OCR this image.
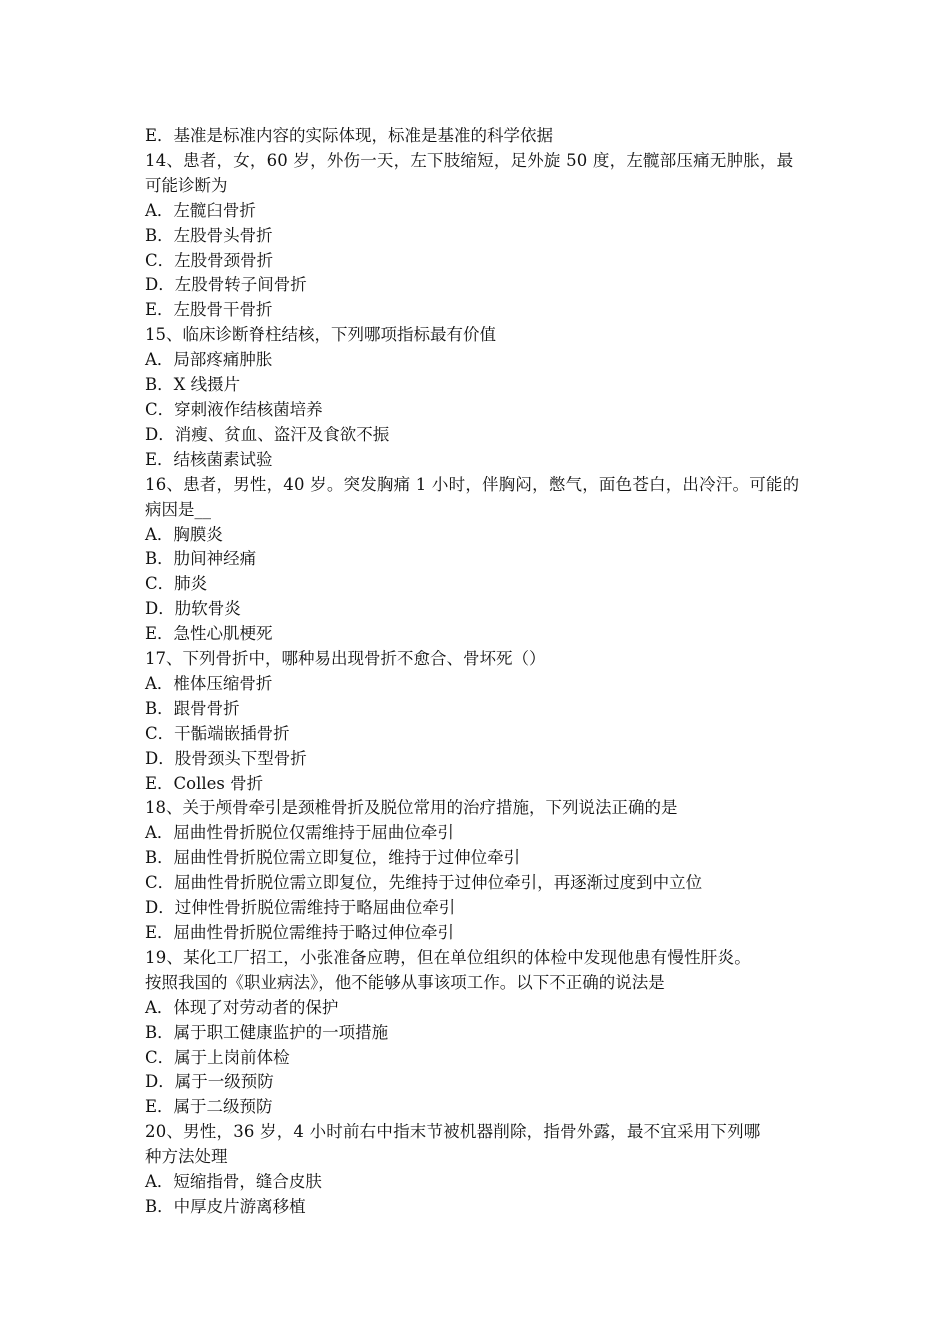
E．基准是标准内容的实际体现，标准是基准的科学依据
14、患者，女，60 岁，外伤一天，左下肢缩短，足外旋 50 度，左髋部压痛无肿胀，最
可能诊断为
A．左髋臼骨折
B．左股骨头骨折
C．左股骨颈骨折
D．左股骨转子间骨折
E．左股骨干骨折
15、临床诊断脊柱结核，下列哪项指标最有价值
A．局部疼痛肿胀
B．X 线摄片
C．穿刺液作结核菌培养
D．消瘦、贫血、盗汗及食欲不振
E．结核菌素试验
16、患者，男性，40 岁。突发胸痛 1 小时，伴胸闷，憋气，面色苍白，出冷汗。可能的
病因是__
A．胸膜炎
B．肋间神经痛
C．肺炎
D．肋软骨炎
E．急性心肌梗死
17、下列骨折中，哪种易出现骨折不愈合、骨坏死（）
A．椎体压缩骨折
B．跟骨骨折
C．干骺端嵌插骨折
D．股骨颈头下型骨折
E．Colles 骨折
18、关于颅骨牵引是颈椎骨折及脱位常用的治疗措施，下列说法正确的是
A．屈曲性骨折脱位仅需维持于屈曲位牵引
B．屈曲性骨折脱位需立即复位，维持于过伸位牵引
C．屈曲性骨折脱位需立即复位，先维持于过伸位牵引，再逐渐过度到中立位
D．过伸性骨折脱位需维持于略屈曲位牵引
E．屈曲性骨折脱位需维持于略过伸位牵引
19、某化工厂招工，小张准备应聘，但在单位组织的体检中发现他患有慢性肝炎。
按照我国的《职业病法》，他不能够从事该项工作。以下不正确的说法是
A．体现了对劳动者的保护
B．属于职工健康监护的一项措施
C．属于上岗前体检
D．属于一级预防
E．属于二级预防
20、男性，36 岁，4 小时前右中指末节被机器削除，指骨外露，最不宜采用下列哪
种方法处理
A．短缩指骨，缝合皮肤
B．中厚皮片游离移植
